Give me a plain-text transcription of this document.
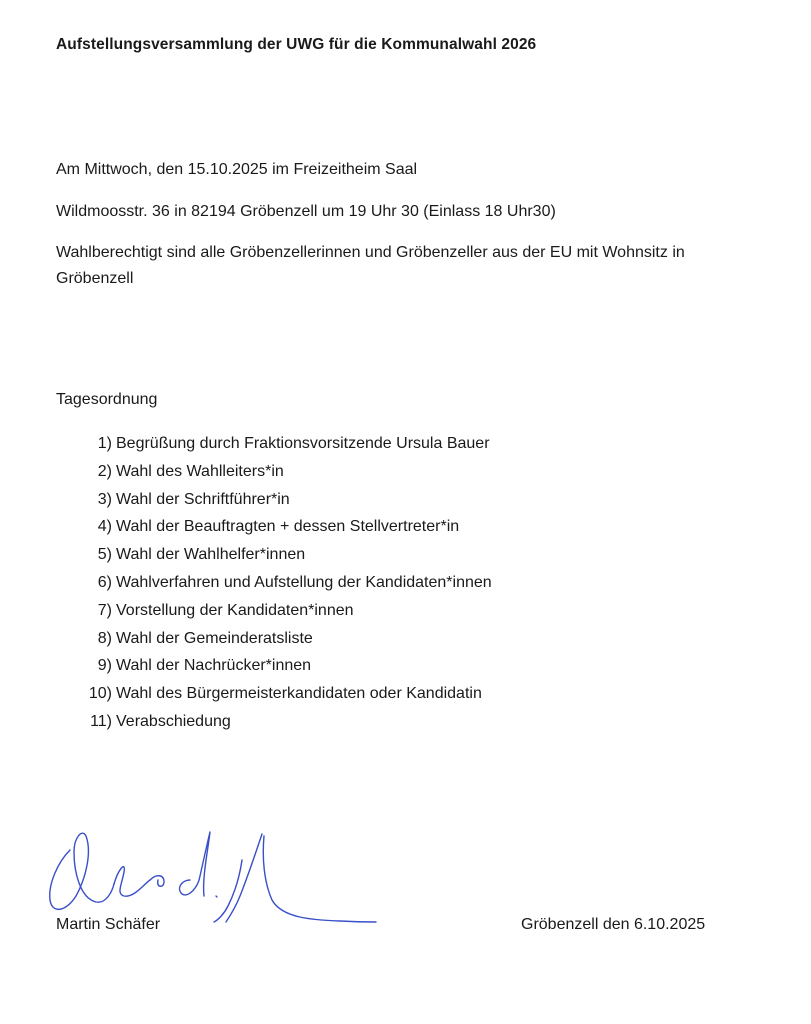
Aufstellungsversammlung der UWG für die Kommunalwahl 2026
Am Mittwoch, den 15.10.2025 im Freizeitheim Saal
Wildmoosstr. 36 in 82194 Gröbenzell um 19 Uhr 30 (Einlass 18 Uhr30)
Wahlberechtigt sind alle Gröbenzellerinnen und Gröbenzeller aus der EU mit Wohnsitz in Gröbenzell
Tagesordnung
1) Begrüßung durch Fraktionsvorsitzende Ursula Bauer
2) Wahl des Wahlleiters*in
3) Wahl der Schriftführer*in
4) Wahl der Beauftragten + dessen Stellvertreter*in
5) Wahl der Wahlhelfer*innen
6) Wahlverfahren und Aufstellung der Kandidaten*innen
7) Vorstellung der Kandidaten*innen
8) Wahl der Gemeinderatsliste
9) Wahl der Nachrücker*innen
10) Wahl des Bürgermeisterkandidaten oder Kandidatin
11) Verabschiedung
Martin Schäfer	Gröbenzell den 6.10.2025
